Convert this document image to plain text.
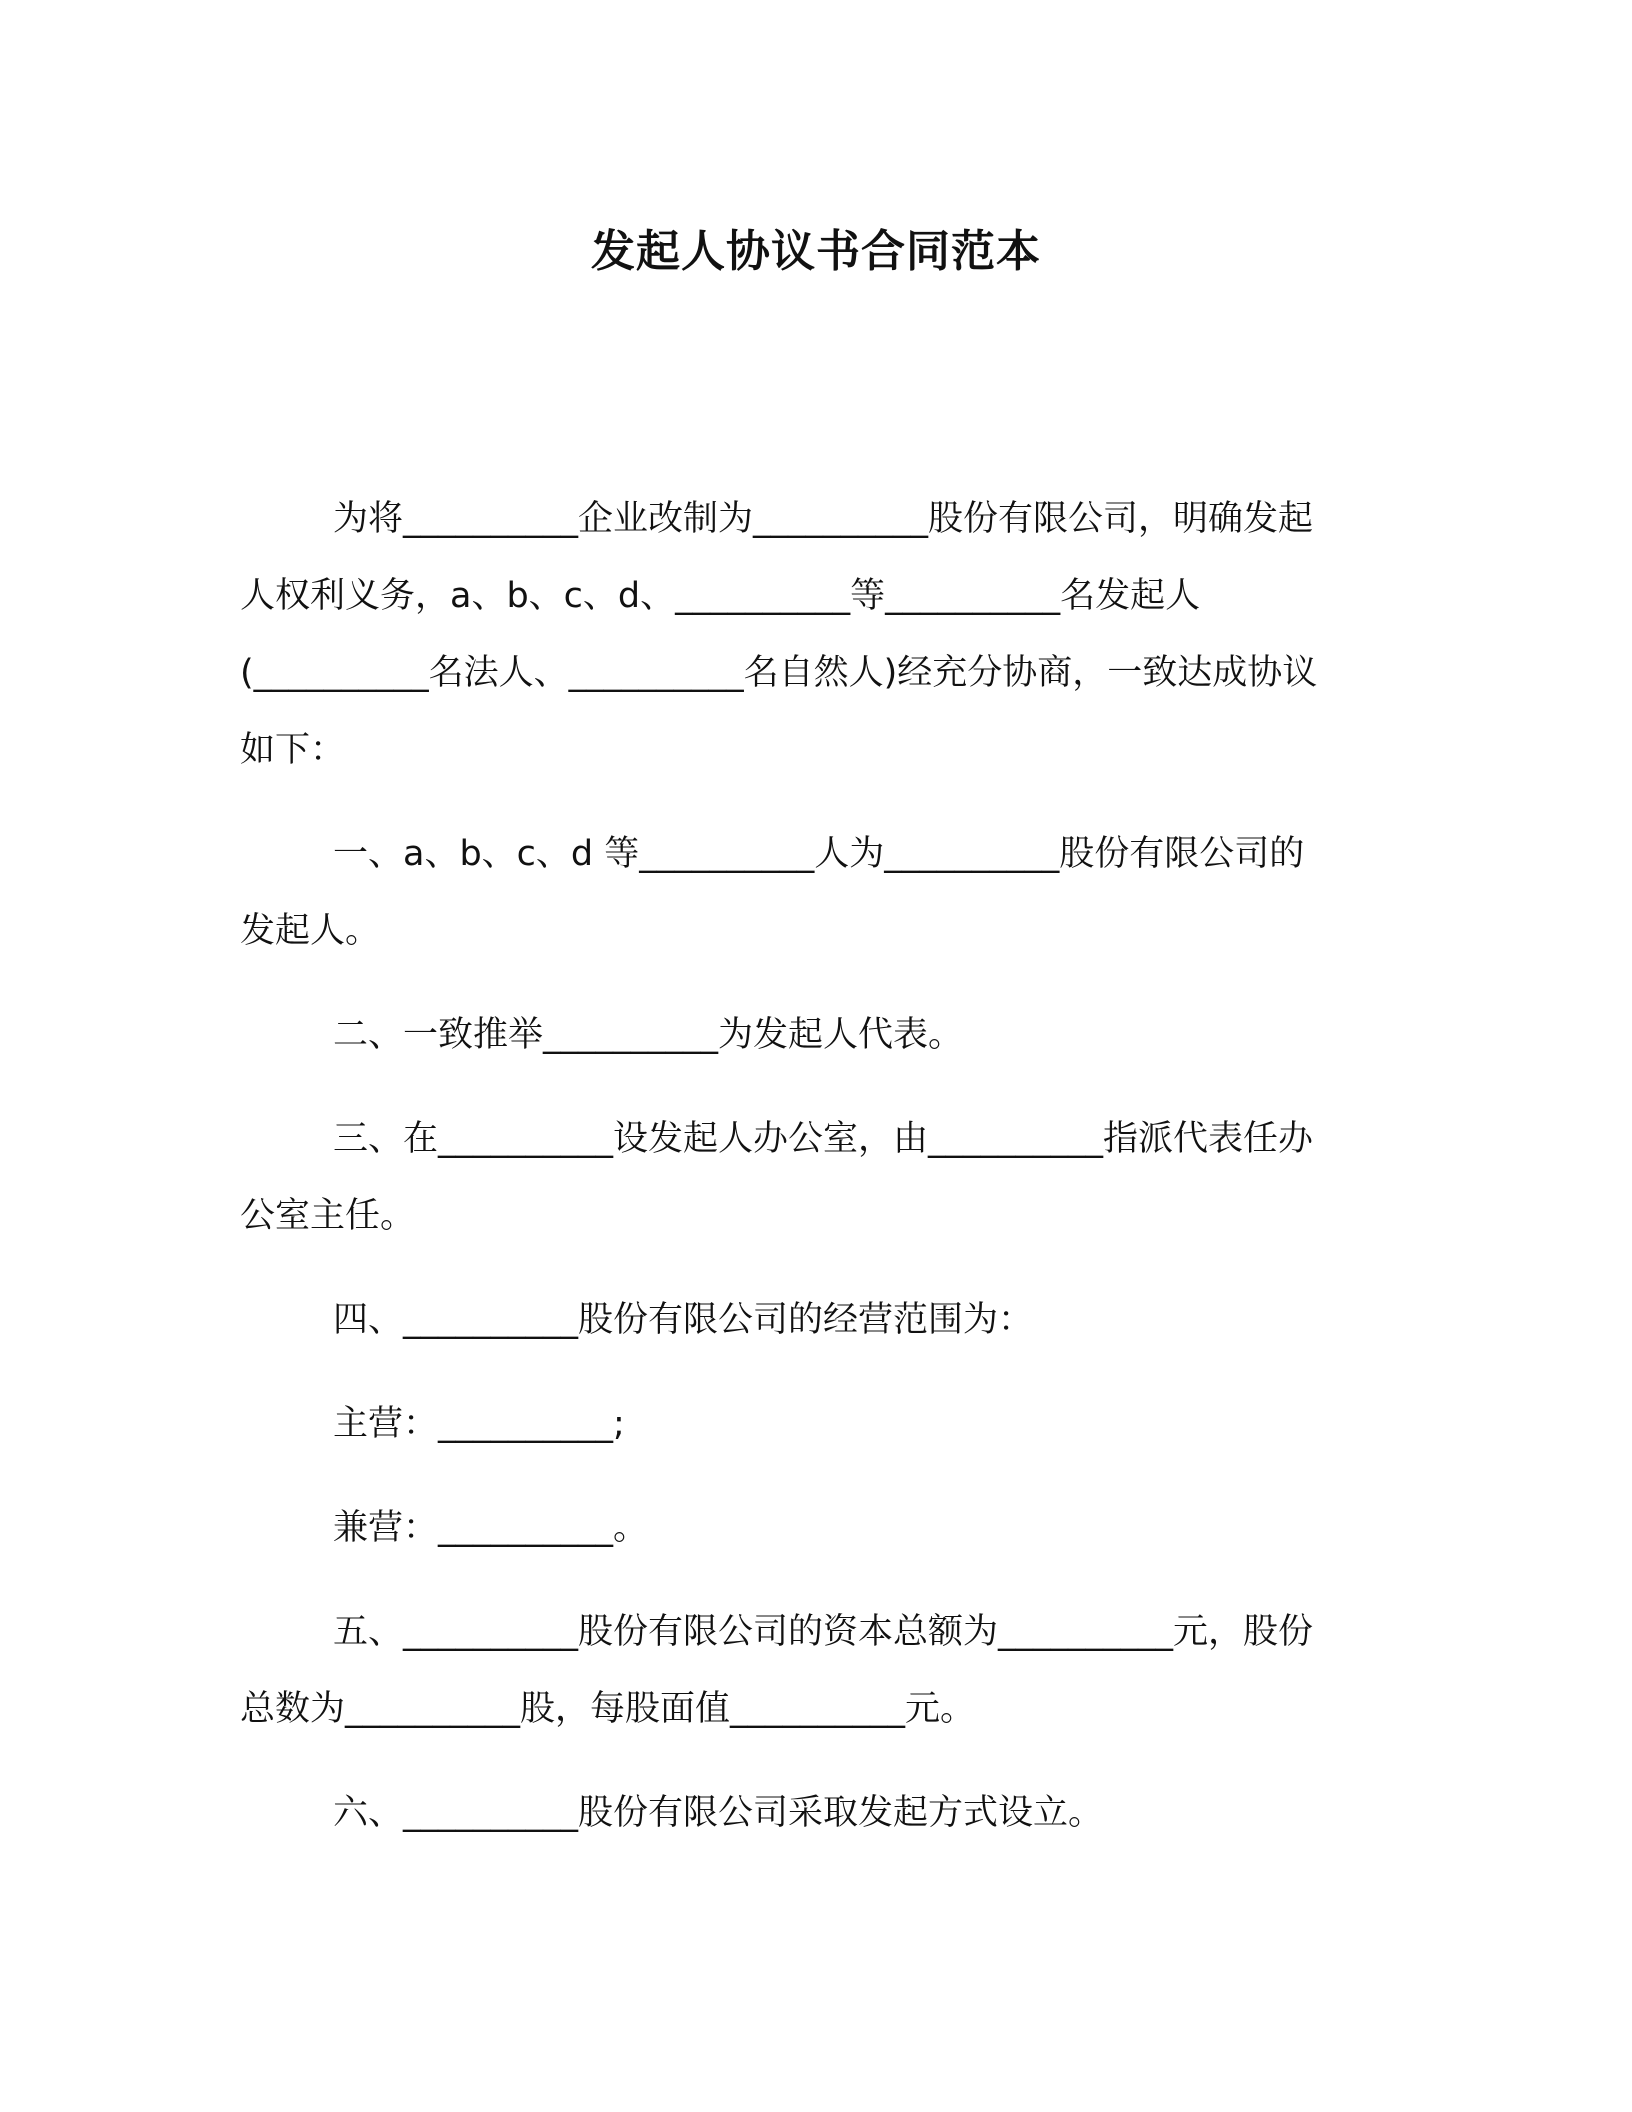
发起人协议书合同范本
为将__________企业改制为__________股份有限公司，明确发起
人权利义务，a、b、c、d、__________等__________名发起人
(__________名法人、__________名自然人)经充分协商，一致达成协议
如下：
一、a、b、c、d 等__________人为__________股份有限公司的
发起人。
二、一致推举__________为发起人代表。
三、在__________设发起人办公室，由__________指派代表任办
公室主任。
四、__________股份有限公司的经营范围为：
主营：__________;
兼营：__________。
五、__________股份有限公司的资本总额为__________元，股份
总数为__________股，每股面值__________元。
六、__________股份有限公司采取发起方式设立。
